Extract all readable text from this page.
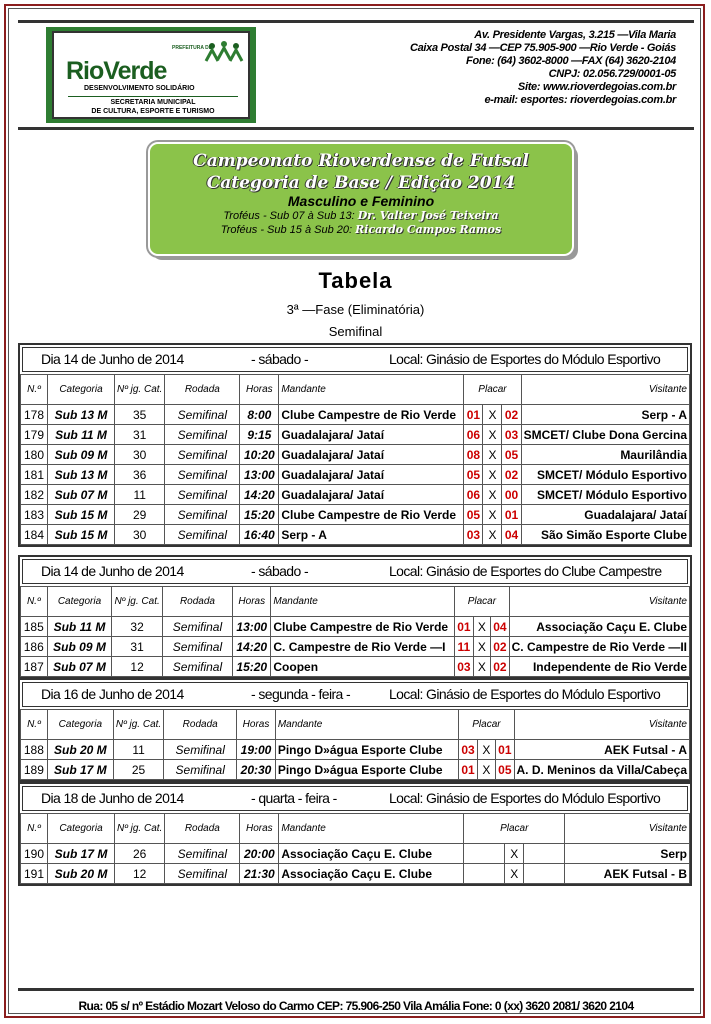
PREFEITURA DE
RioVerde
DESENVOLVIMENTO SOLIDÁRIO
SECRETARIA MUNICIPAL
DE CULTURA, ESPORTE E TURISMO
Av. Presidente Vargas, 3.215 —Vila Maria
Caixa Postal 34 —CEP 75.905-900 —Rio Verde - Goiás
Fone: (64) 3602-8000 —FAX (64) 3620-2104
CNPJ: 02.056.729/0001-05
Site: www.rioverdegoias.com.br
e-mail: esportes: rioverdegoias.com.br
Campeonato Rioverdense de Futsal
Categoria de Base / Edição 2014
Masculino e Feminino
Troféus - Sub 07 à Sub 13: Dr. Valter José Teixeira
Troféus - Sub 15 à Sub 20: Ricardo Campos Ramos
Tabela
3ª —Fase (Eliminatória)
Semifinal
Dia 14 de Junho de 2014	- sábado -	Local: Ginásio de Esportes do Módulo Esportivo
N.º	Categoria	Nº jg. Cat.	Rodada	Horas	Mandante	Placar			Visitante
178	Sub 13 M	35	Semifinal	8:00	Clube Campestre de Rio Verde	01	X	02	Serp - A
179	Sub 11 M	31	Semifinal	9:15	Guadalajara/ Jataí	06	X	03	SMCET/ Clube Dona Gercina
180	Sub 09 M	30	Semifinal	10:20	Guadalajara/ Jataí	08	X	05	Maurilândia
181	Sub 13 M	36	Semifinal	13:00	Guadalajara/ Jataí	05	X	02	SMCET/ Módulo Esportivo
182	Sub 07 M	11	Semifinal	14:20	Guadalajara/ Jataí	06	X	00	SMCET/ Módulo Esportivo
183	Sub 15 M	29	Semifinal	15:20	Clube Campestre de Rio Verde	05	X	01	Guadalajara/ Jataí
184	Sub 15 M	30	Semifinal	16:40	Serp - A	03	X	04	São Simão Esporte Clube
Dia 14 de Junho de 2014	- sábado -	Local: Ginásio de Esportes do Clube Campestre
N.º	Categoria	Nº jg. Cat.	Rodada	Horas	Mandante	Placar			Visitante
185	Sub 11 M	32	Semifinal	13:00	Clube Campestre de Rio Verde	01	X	04	Associação Caçu E. Clube
186	Sub 09 M	31	Semifinal	14:20	C. Campestre de Rio Verde —I	11	X	02	C. Campestre de Rio Verde —II
187	Sub 07 M	12	Semifinal	15:20	Coopen	03	X	02	Independente de Rio Verde
Dia 16 de Junho de 2014	- segunda - feira -	Local: Ginásio de Esportes do Módulo Esportivo
N.º	Categoria	Nº jg. Cat.	Rodada	Horas	Mandante	Placar			Visitante
188	Sub 20 M	11	Semifinal	19:00	Pingo D»água Esporte Clube	03	X	01	AEK Futsal - A
189	Sub 17 M	25	Semifinal	20:30	Pingo D»água Esporte Clube	01	X	05	A. D. Meninos da Villa/Cabeça
Dia 18 de Junho de 2014	- quarta - feira -	Local: Ginásio de Esportes do Módulo Esportivo
N.º	Categoria	Nº jg. Cat.	Rodada	Horas	Mandante	Placar			Visitante
190	Sub 17 M	26	Semifinal	20:00	Associação Caçu E. Clube		X		Serp
191	Sub 20 M	12	Semifinal	21:30	Associação Caçu E. Clube		X		AEK Futsal - B
Rua: 05 s/ nº Estádio Mozart Veloso do Carmo CEP: 75.906-250 Vila Amália Fone: 0 (xx) 3620 2081/ 3620 2104
